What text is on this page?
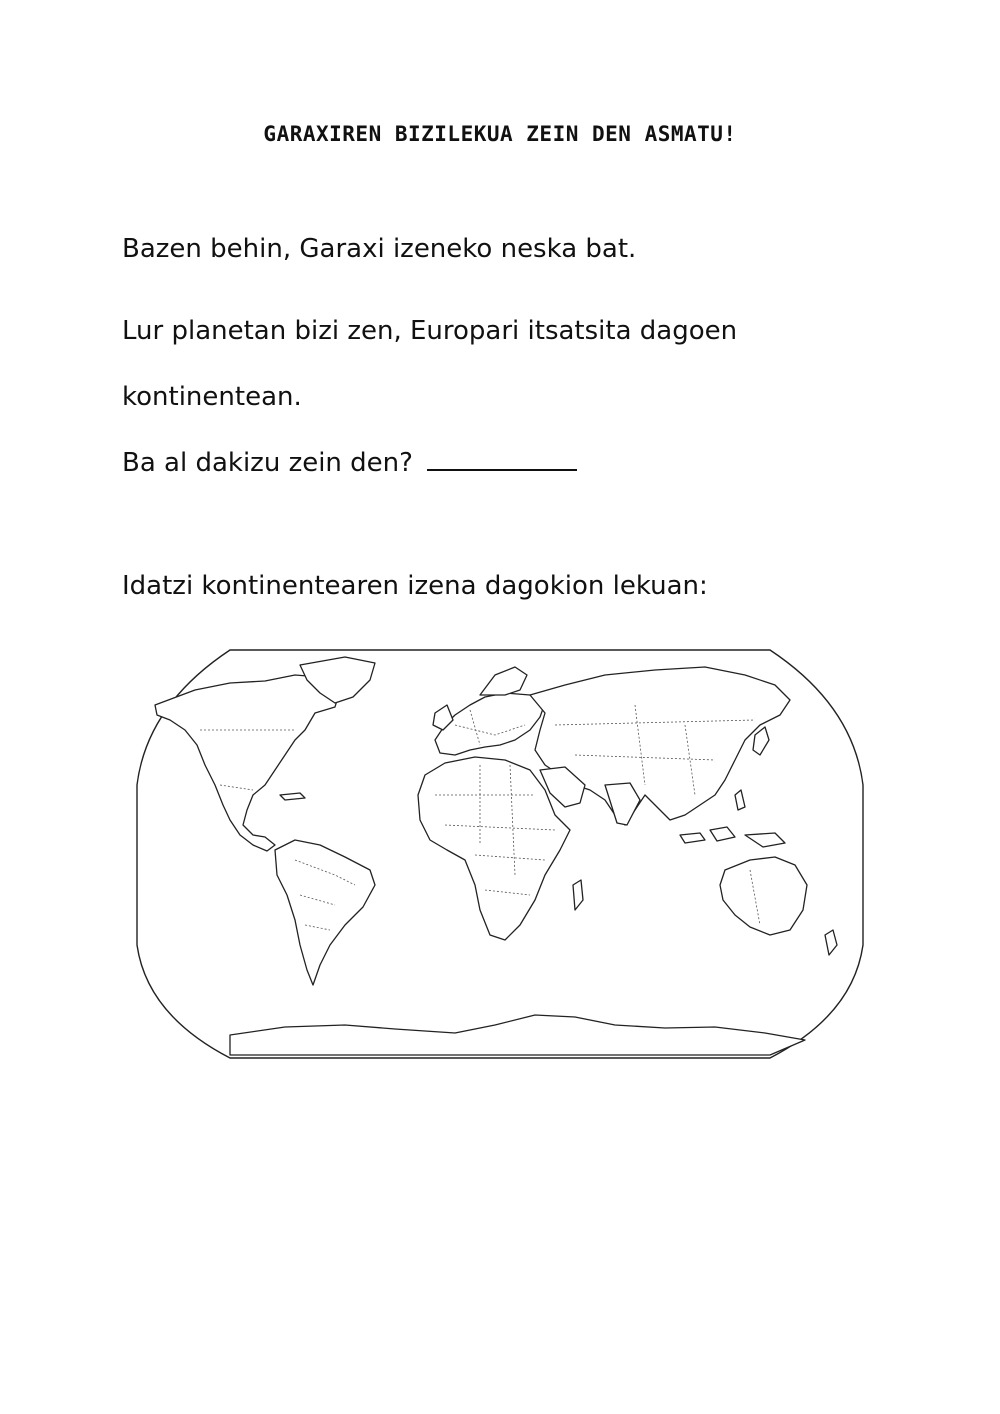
GARAXIREN BIZILEKUA ZEIN DEN ASMATU!
Bazen behin, Garaxi izeneko neska bat.
Lur planetan bizi zen, Europari itsatsita dagoen
kontinentean.
Ba al dakizu zein den?
Idatzi kontinentearen izena dagokion lekuan:
